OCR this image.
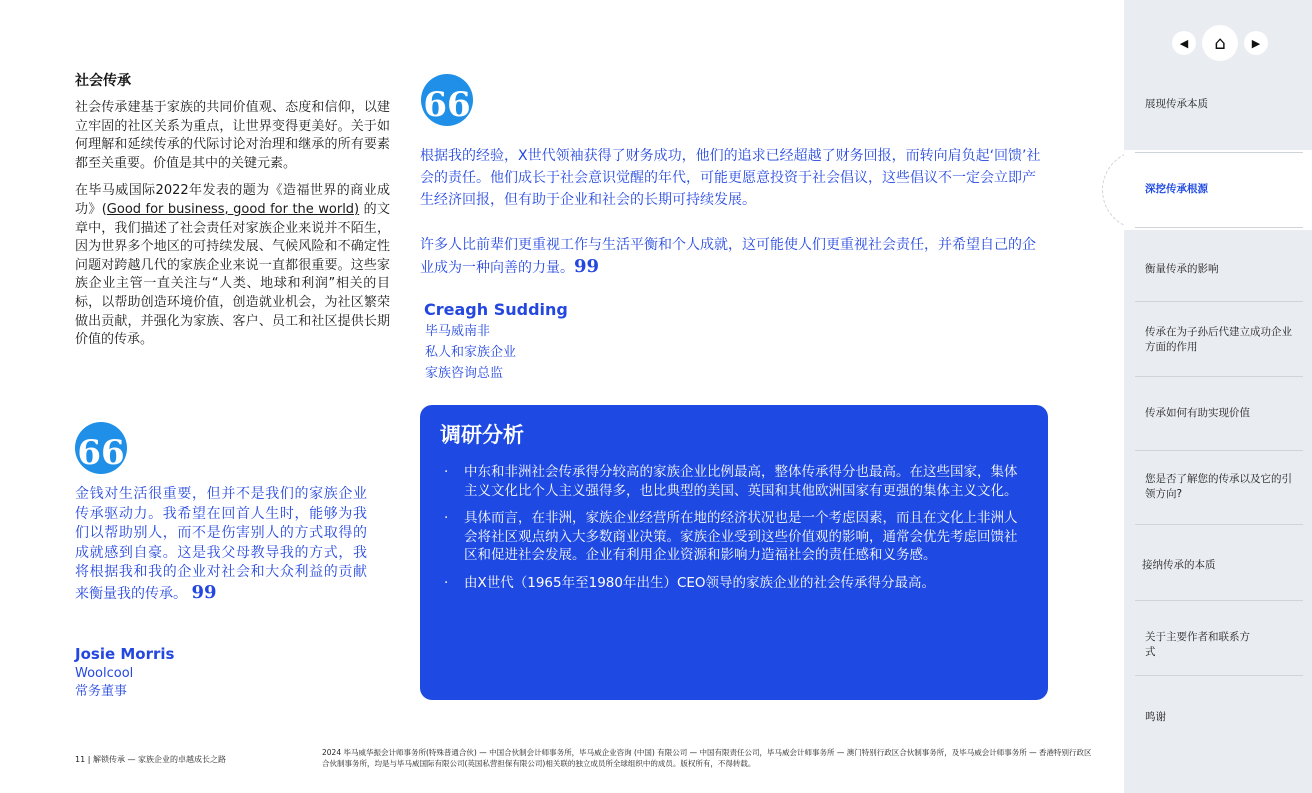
社会传承

社会传承建基于家族的共同价值观、态度和信仰，以建立牢固的社区关系为重点，让世界变得更美好。关于如何理解和延续传承的代际讨论对治理和继承的所有要素都至关重要。价值是其中的关键元素。

在毕马威国际2022年发表的题为《造福世界的商业成功》(Good for business, good for the world) 的文章中，我们描述了社会责任对家族企业来说并不陌生，因为世界多个地区的可持续发展、气候风险和不确定性问题对跨越几代的家族企业来说一直都很重要。这些家族企业主管一直关注与“人类、地球和利润”相关的目标，以帮助创造环境价值，创造就业机会，为社区繁荣做出贡献，并强化为家族、客户、员工和社区提供长期价值的传承。

66

金钱对生活很重要，但并不是我们的家族企业传承驱动力。我希望在回首人生时，能够为我们以帮助别人，而不是伤害别人的方式取得的成就感到自豪。这是我父母教导我的方式，我将根据我和我的企业对社会和大众利益的贡献来衡量我的传承。 99

Josie Morris
Woolcool
常务董事
66

根据我的经验，X世代领袖获得了财务成功，他们的追求已经超越了财务回报，而转向肩负起‘回馈’社会的责任。他们成长于社会意识觉醒的年代，可能更愿意投资于社会倡议，这些倡议不一定会立即产生经济回报，但有助于企业和社会的长期可持续发展。

许多人比前辈们更重视工作与生活平衡和个人成就，这可能使人们更重视社会责任，并希望自己的企业成为一种向善的力量。99

Creagh Sudding
毕马威南非
私人和家族企业
家族咨询总监
调研分析
· 中东和非洲社会传承得分较高的家族企业比例最高，整体传承得分也最高。在这些国家，集体主义文化比个人主义强得多，也比典型的美国、英国和其他欧洲国家有更强的集体主义文化。
· 具体而言，在非洲，家族企业经营所在地的经济状况也是一个考虑因素，而且在文化上非洲人会将社区观点纳入大多数商业决策。家族企业受到这些价值观的影响，通常会优先考虑回馈社区和促进社会发展。企业有利用企业资源和影响力造福社会的责任感和义务感。
· 由X世代（1965年至1980年出生）CEO领导的家族企业的社会传承得分最高。
11 | 解锁传承 — 家族企业的卓越成长之路
2024 毕马威华振会计师事务所(特殊普通合伙) — 中国合伙制会计师事务所，毕马威企业咨询 (中国) 有限公司 — 中国有限责任公司，毕马威会计师事务所 — 澳门特别行政区合伙制事务所，及毕马威会计师事务所 — 香港特别行政区合伙制事务所，均是与毕马威国际有限公司(英国私营担保有限公司)相关联的独立成员所全球组织中的成员。版权所有，不得转载。
◀	⌂	▶
展现传承本质
深挖传承根源
衡量传承的影响
传承在为子孙后代建立成功企业方面的作用
传承如何有助实现价值
您是否了解您的传承以及它的引领方向?
接纳传承的本质
关于主要作者和联系方式
鸣谢
